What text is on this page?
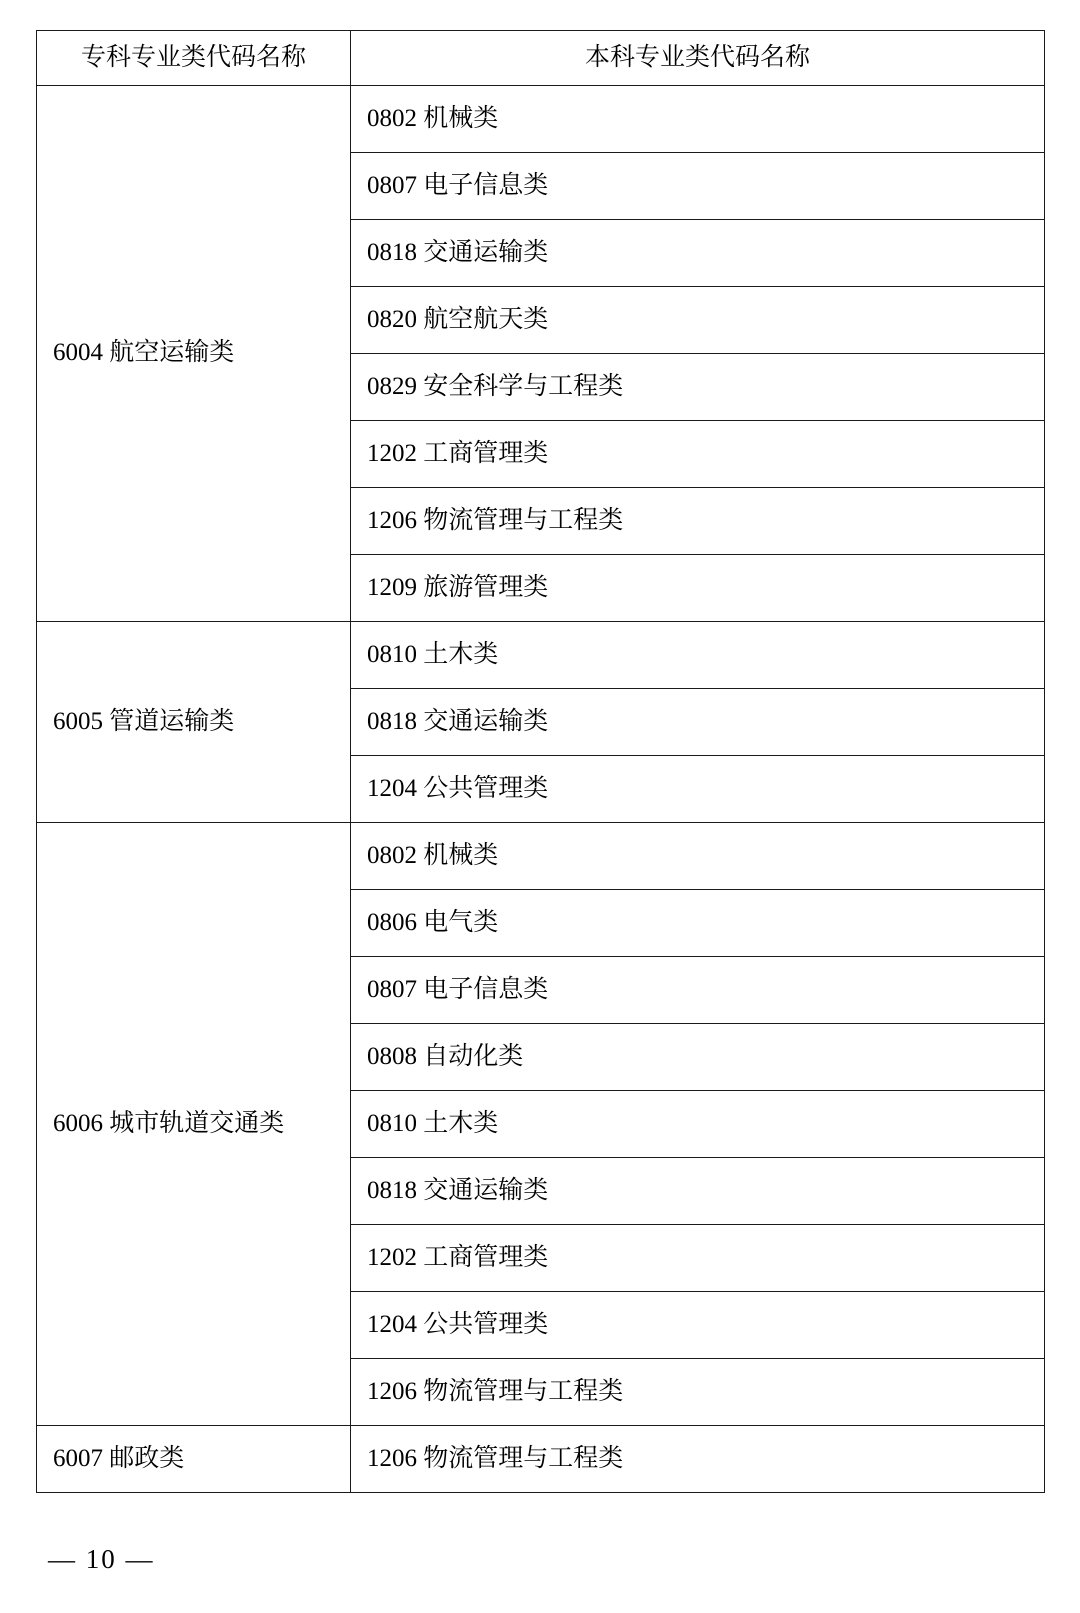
专科专业类代码名称	本科专业类代码名称
6004 航空运输类	0802 机械类
	0807 电子信息类
	0818 交通运输类
	0820 航空航天类
	0829 安全科学与工程类
	1202 工商管理类
	1206 物流管理与工程类
	1209 旅游管理类
6005 管道运输类	0810 土木类
	0818 交通运输类
	1204 公共管理类
6006 城市轨道交通类	0802 机械类
	0806 电气类
	0807 电子信息类
	0808 自动化类
	0810 土木类
	0818 交通运输类
	1202 工商管理类
	1204 公共管理类
	1206 物流管理与工程类
6007 邮政类	1206 物流管理与工程类
— 10 —
